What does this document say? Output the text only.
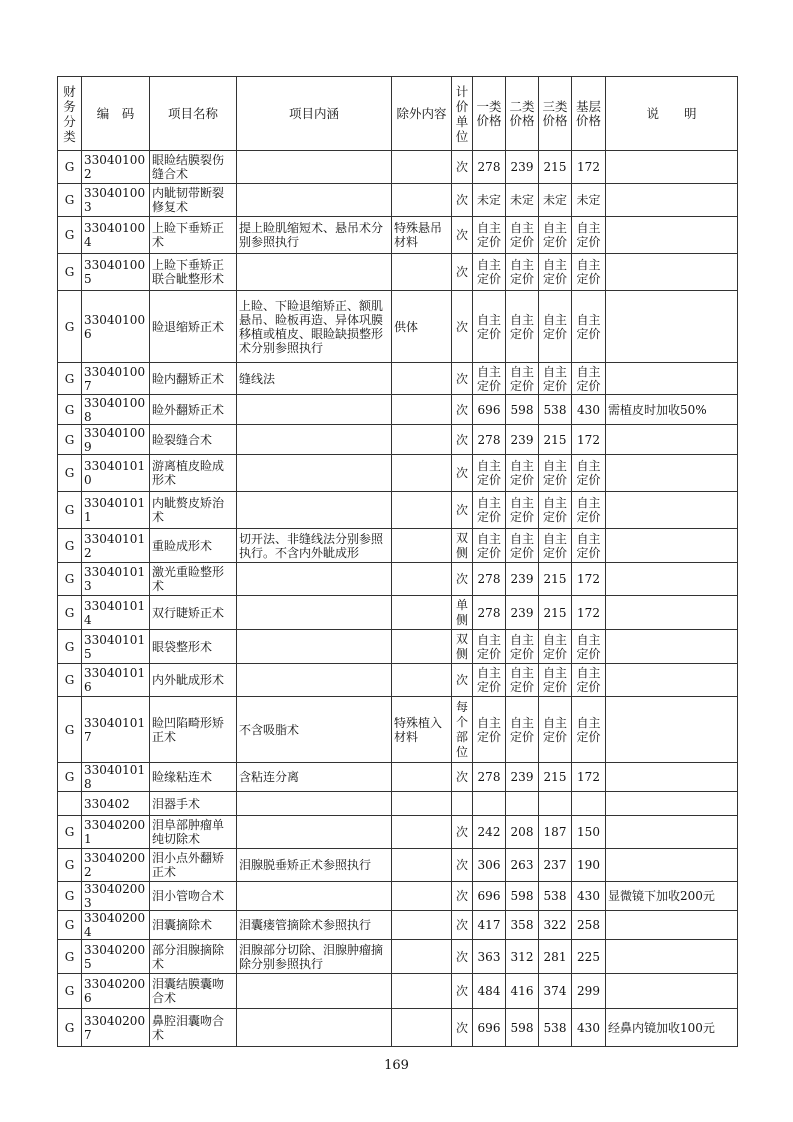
财务分类	编　码	项目名称	项目内涵	除外内容	计价单位	一类价格	二类价格	三类价格	基层价格	说　　明
G	330401002	眼睑结膜裂伤缝合术			次	278	239	215	172	
G	330401003	内眦韧带断裂修复术			次	未定	未定	未定	未定	
G	330401004	上睑下垂矫正术	提上睑肌缩短术、悬吊术分别参照执行	特殊悬吊材料	次	自主定价	自主定价	自主定价	自主定价	
G	330401005	上睑下垂矫正联合眦整形术			次	自主定价	自主定价	自主定价	自主定价	
G	330401006	睑退缩矫正术	上睑、下睑退缩矫正、额肌悬吊、睑板再造、异体巩膜移植或植皮、眼睑缺损整形术分别参照执行	供体	次	自主定价	自主定价	自主定价	自主定价	
G	330401007	睑内翻矫正术	缝线法		次	自主定价	自主定价	自主定价	自主定价	
G	330401008	睑外翻矫正术			次	696	598	538	430	需植皮时加收50%
G	330401009	睑裂缝合术			次	278	239	215	172	
G	330401010	游离植皮睑成形术			次	自主定价	自主定价	自主定价	自主定价	
G	330401011	内眦赘皮矫治术			次	自主定价	自主定价	自主定价	自主定价	
G	330401012	重睑成形术	切开法、非缝线法分别参照执行。不含内外眦成形		双侧	自主定价	自主定价	自主定价	自主定价	
G	330401013	激光重睑整形术			次	278	239	215	172	
G	330401014	双行睫矫正术			单侧	278	239	215	172	
G	330401015	眼袋整形术			双侧	自主定价	自主定价	自主定价	自主定价	
G	330401016	内外眦成形术			次	自主定价	自主定价	自主定价	自主定价	
G	330401017	睑凹陷畸形矫正术	不含吸脂术	特殊植入材料	每个部位	自主定价	自主定价	自主定价	自主定价	
G	330401018	睑缘粘连术	含粘连分离		次	278	239	215	172	
	330402	泪器手术								
G	330402001	泪阜部肿瘤单纯切除术			次	242	208	187	150	
G	330402002	泪小点外翻矫正术	泪腺脱垂矫正术参照执行		次	306	263	237	190	
G	330402003	泪小管吻合术			次	696	598	538	430	显微镜下加收200元
G	330402004	泪囊摘除术	泪囊瘘管摘除术参照执行		次	417	358	322	258	
G	330402005	部分泪腺摘除术	泪腺部分切除、泪腺肿瘤摘除分别参照执行		次	363	312	281	225	
G	330402006	泪囊结膜囊吻合术			次	484	416	374	299	
G	330402007	鼻腔泪囊吻合术			次	696	598	538	430	经鼻内镜加收100元
169
